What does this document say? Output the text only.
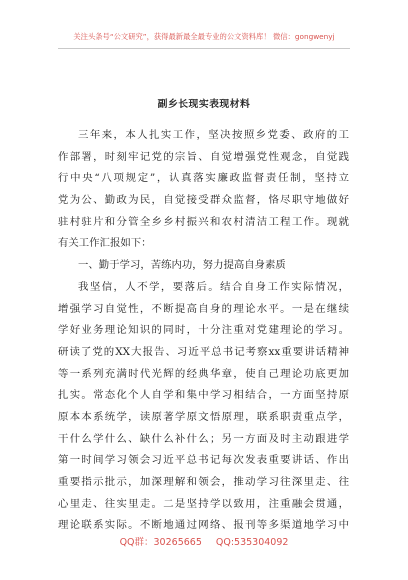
关注头条号“公文研究”，获得最新最全最专业的公文资料库！ 微信：gongwenyj
副乡长现实表现材料
三年来，本人扎实工作，坚决按照乡党委、政府的工
作部署，时刻牢记党的宗旨、自觉增强党性观念，自觉践
行中央“八项规定”，认真落实廉政监督责任制，坚持立
党为公、勤政为民，自觉接受群众监督，恪尽职守地做好
驻村驻片和分管全乡乡村振兴和农村清洁工程工作。现就
有关工作汇报如下：
一、勤于学习，苦练内功，努力提高自身素质
我坚信，人不学，要落后。结合自身工作实际情况，
增强学习自觉性，不断提高自身的理论水平。一是在继续
学好业务理论知识的同时，十分注重对党建理论的学习。
研读了党的XX大报告、习近平总书记考察xx重要讲话精神
等一系列充满时代光辉的经典华章，使自己理论功底更加
扎实。常态化个人自学和集中学习相结合，一方面坚持原
原本本系统学，读原著学原文悟原理，联系职责重点学，
干什么学什么、缺什么补什么；另一方面及时主动跟进学
第一时间学习领会习近平总书记每次发表重要讲话、作出
重要指示批示，加深理解和领会，推动学习往深里走、往
心里走、往实里走。二是坚持学以致用，注重融会贯通，
理论联系实际。不断地通过网络、报刊等多渠道地学习中
QQ群：30265665 QQ:535304092
